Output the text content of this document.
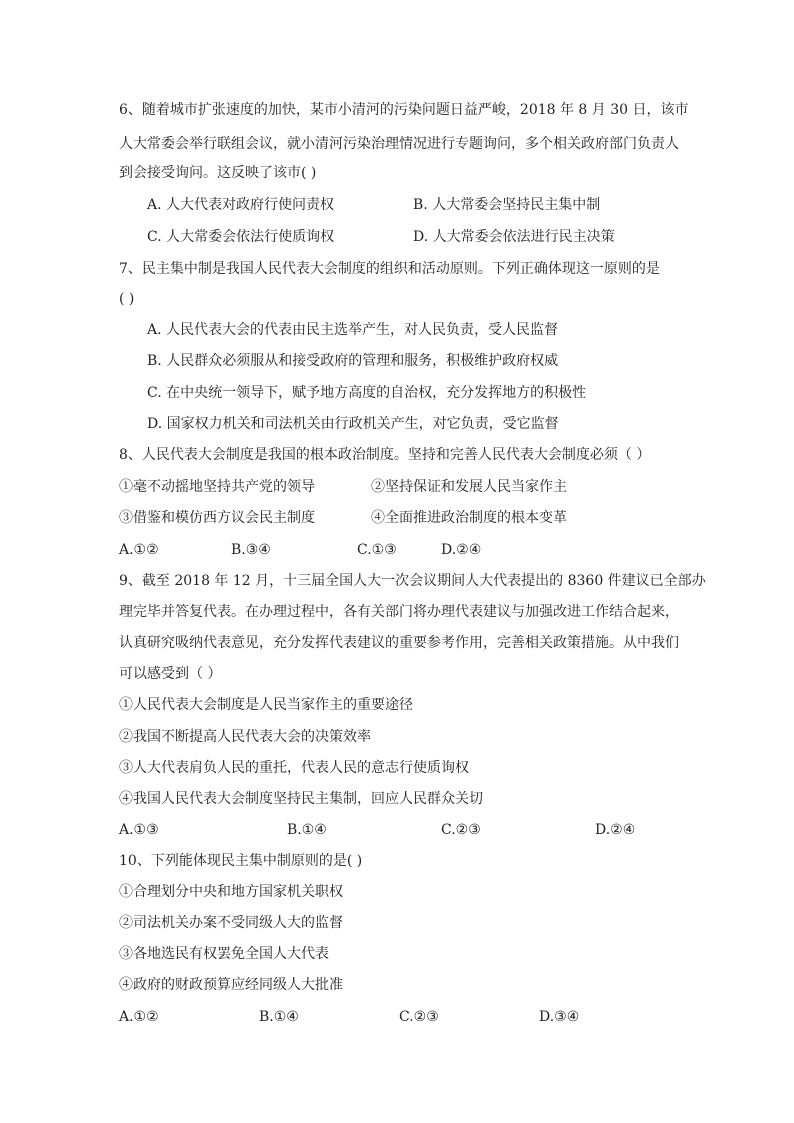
6、随着城市扩张速度的加快，某市小清河的污染问题日益严峻，2018 年 8 月 30 日，该市
人大常委会举行联组会议，就小清河污染治理情况进行专题询问，多个相关政府部门负责人
到会接受询问。这反映了该市( )
A. 人大代表对政府行使问责权	B. 人大常委会坚持民主集中制
C. 人大常委会依法行使质询权	D. 人大常委会依法进行民主决策
7、民主集中制是我国人民代表大会制度的组织和活动原则。下列正确体现这一原则的是
( )
A. 人民代表大会的代表由民主选举产生，对人民负责，受人民监督
B. 人民群众必须服从和接受政府的管理和服务，积极维护政府权威
C. 在中央统一领导下，赋予地方高度的自治权，充分发挥地方的积极性
D. 国家权力机关和司法机关由行政机关产生，对它负责，受它监督
8、人民代表大会制度是我国的根本政治制度。坚持和完善人民代表大会制度必须（ ）
①毫不动摇地坚持共产党的领导	②坚持保证和发展人民当家作主
③借鉴和模仿西方议会民主制度	④全面推进政治制度的根本变革
A.①②	B.③④	C.①③	D.②④
9、截至 2018 年 12 月，十三届全国人大一次会议期间人大代表提出的 8360 件建议已全部办
理完毕并答复代表。在办理过程中，各有关部门将办理代表建议与加强改进工作结合起来，
认真研究吸纳代表意见，充分发挥代表建议的重要参考作用，完善相关政策措施。从中我们
可以感受到（ ）
①人民代表大会制度是人民当家作主的重要途径
②我国不断提高人民代表大会的决策效率
③人大代表肩负人民的重托，代表人民的意志行使质询权
④我国人民代表大会制度坚持民主集制，回应人民群众关切
A.①③	B.①④	C.②③	D.②④
10、下列能体现民主集中制原则的是( )
①合理划分中央和地方国家机关职权
②司法机关办案不受同级人大的监督
③各地选民有权罢免全国人大代表
④政府的财政预算应经同级人大批准
A.①②	B.①④	C.②③	D.③④
